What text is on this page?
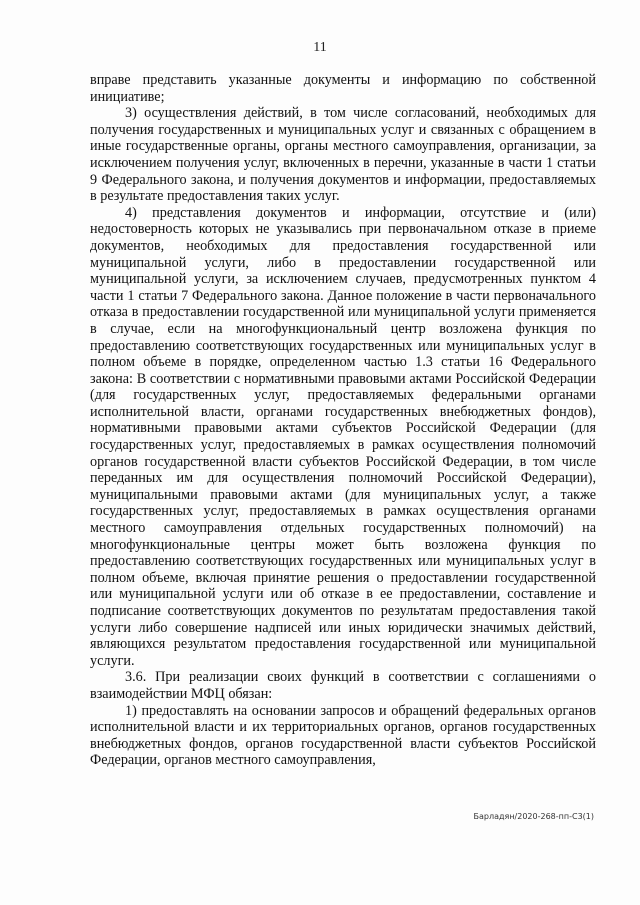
11

вправе представить указанные документы и информацию по собственной инициативе;

3) осуществления действий, в том числе согласований, необходимых для получения государственных и муниципальных услуг и связанных с обращением в иные государственные органы, органы местного самоуправления, организации, за исключением получения услуг, включенных в перечни, указанные в части 1 статьи 9 Федерального закона, и получения документов и информации, предоставляемых в результате предоставления таких услуг.

4) представления документов и информации, отсутствие и (или) недостоверность которых не указывались при первоначальном отказе в приеме документов, необходимых для предоставления государственной или муниципальной услуги, либо в предоставлении государственной или муниципальной услуги, за исключением случаев, предусмотренных пунктом 4 части 1 статьи 7 Федерального закона. Данное положение в части первоначального отказа в предоставлении государственной или муниципальной услуги применяется в случае, если на многофункциональный центр возложена функция по предоставлению соответствующих государственных или муниципальных услуг в полном объеме в порядке, определенном частью 1.3 статьи 16 Федерального закона: В соответствии с нормативными правовыми актами Российской Федерации (для государственных услуг, предоставляемых федеральными органами исполнительной власти, органами государственных внебюджетных фондов), нормативными правовыми актами субъектов Российской Федерации (для государственных услуг, предоставляемых в рамках осуществления полномочий органов государственной власти субъектов Российской Федерации, в том числе переданных им для осуществления полномочий Российской Федерации), муниципальными правовыми актами (для муниципальных услуг, а также государственных услуг, предоставляемых в рамках осуществления органами местного самоуправления отдельных государственных полномочий) на многофункциональные центры может быть возложена функция по предоставлению соответствующих государственных или муниципальных услуг в полном объеме, включая принятие решения о предоставлении государственной или муниципальной услуги или об отказе в ее предоставлении, составление и подписание соответствующих документов по результатам предоставления такой услуги либо совершение надписей или иных юридически значимых действий, являющихся результатом предоставления государственной или муниципальной услуги.

3.6. При реализации своих функций в соответствии с соглашениями о взаимодействии МФЦ обязан:

1) предоставлять на основании запросов и обращений федеральных органов исполнительной власти и их территориальных органов, органов государственных внебюджетных фондов, органов государственной власти субъектов Российской Федерации, органов местного самоуправления,

Барладян/2020-268-пп-С3(1)
